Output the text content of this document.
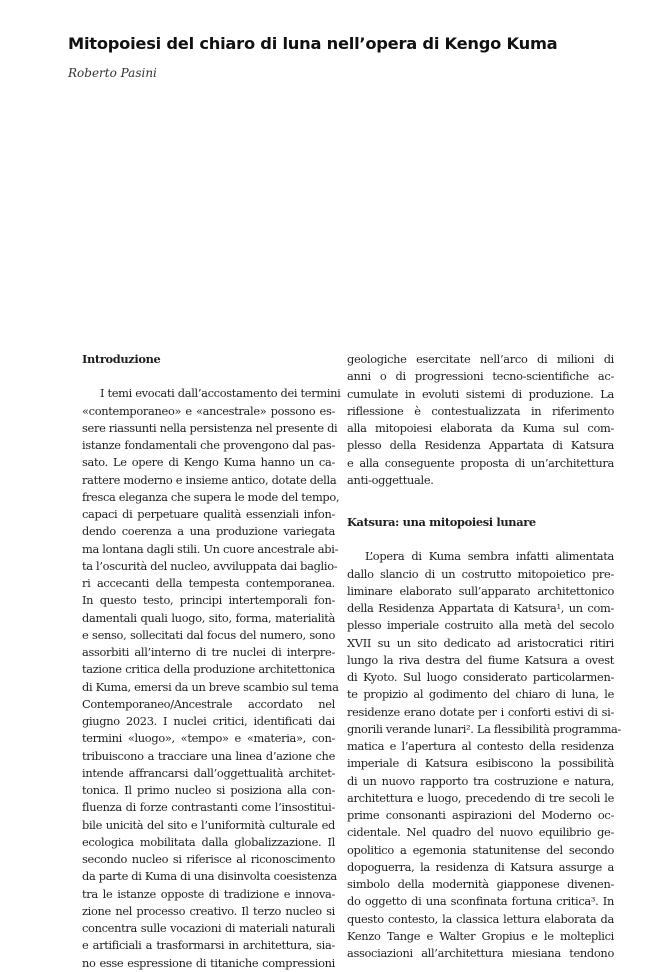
Mitopoiesi del chiaro di luna nell’opera di Kengo Kuma

Roberto Pasini

Introduzione
I temi evocati dall’accostamento dei termini
«contemporaneo» e «ancestrale» possono es-
sere riassunti nella persistenza nel presente di
istanze fondamentali che provengono dal pas-
sato. Le opere di Kengo Kuma hanno un ca-
rattere moderno e insieme antico, dotate della
fresca eleganza che supera le mode del tempo,
capaci di perpetuare qualità essenziali infon-
dendo coerenza a una produzione variegata
ma lontana dagli stili. Un cuore ancestrale abi-
ta l’oscurità del nucleo, avviluppata dai baglio-
ri accecanti della tempesta contemporanea.
In questo testo, principi intertemporali fon-
damentali quali luogo, sito, forma, materialità
e senso, sollecitati dal focus del numero, sono
assorbiti all’interno di tre nuclei di interpre-
tazione critica della produzione architettonica
di Kuma, emersi da un breve scambio sul tema
Contemporaneo/Ancestrale accordato nel
giugno 2023. I nuclei critici, identificati dai
termini «luogo», «tempo» e «materia», con-
tribuiscono a tracciare una linea d’azione che
intende affrancarsi dall’oggettualità architet-
tonica. Il primo nucleo si posiziona alla con-
fluenza di forze contrastanti come l’insostitui-
bile unicità del sito e l’uniformità culturale ed
ecologica mobilitata dalla globalizzazione. Il
secondo nucleo si riferisce al riconoscimento
da parte di Kuma di una disinvolta coesistenza
tra le istanze opposte di tradizione e innova-
zione nel processo creativo. Il terzo nucleo si
concentra sulle vocazioni di materiali naturali
e artificiali a trasformarsi in architettura, sia-
no esse espressione di titaniche compressioni
geologiche esercitate nell’arco di milioni di
anni o di progressioni tecno-scientifiche ac-
cumulate in evoluti sistemi di produzione. La
riflessione è contestualizzata in riferimento
alla mitopoiesi elaborata da Kuma sul com-
plesso della Residenza Appartata di Katsura
e alla conseguente proposta di un’architettura
anti-oggettuale.
Katsura: una mitopoiesi lunare
L’opera di Kuma sembra infatti alimentata
dallo slancio di un costrutto mitopoietico pre-
liminare elaborato sull’apparato architettonico
della Residenza Appartata di Katsura¹, un com-
plesso imperiale costruito alla metà del secolo
XVII su un sito dedicato ad aristocratici ritiri
lungo la riva destra del fiume Katsura a ovest
di Kyoto. Sul luogo considerato particolarmen-
te propizio al godimento del chiaro di luna, le
residenze erano dotate per i conforti estivi di si-
gnorili verande lunari². La flessibilità programma-
matica e l’apertura al contesto della residenza
imperiale di Katsura esibiscono la possibilità
di un nuovo rapporto tra costruzione e natura,
architettura e luogo, precedendo di tre secoli le
prime consonanti aspirazioni del Moderno oc-
cidentale. Nel quadro del nuovo equilibrio ge-
opolitico a egemonia statunitense del secondo
dopoguerra, la residenza di Katsura assurge a
simbolo della modernità giapponese divenen-
do oggetto di una sconfinata fortuna critica³. In
questo contesto, la classica lettura elaborata da
Kenzo Tange e Walter Gropius e le molteplici
associazioni all’architettura miesiana tendono
